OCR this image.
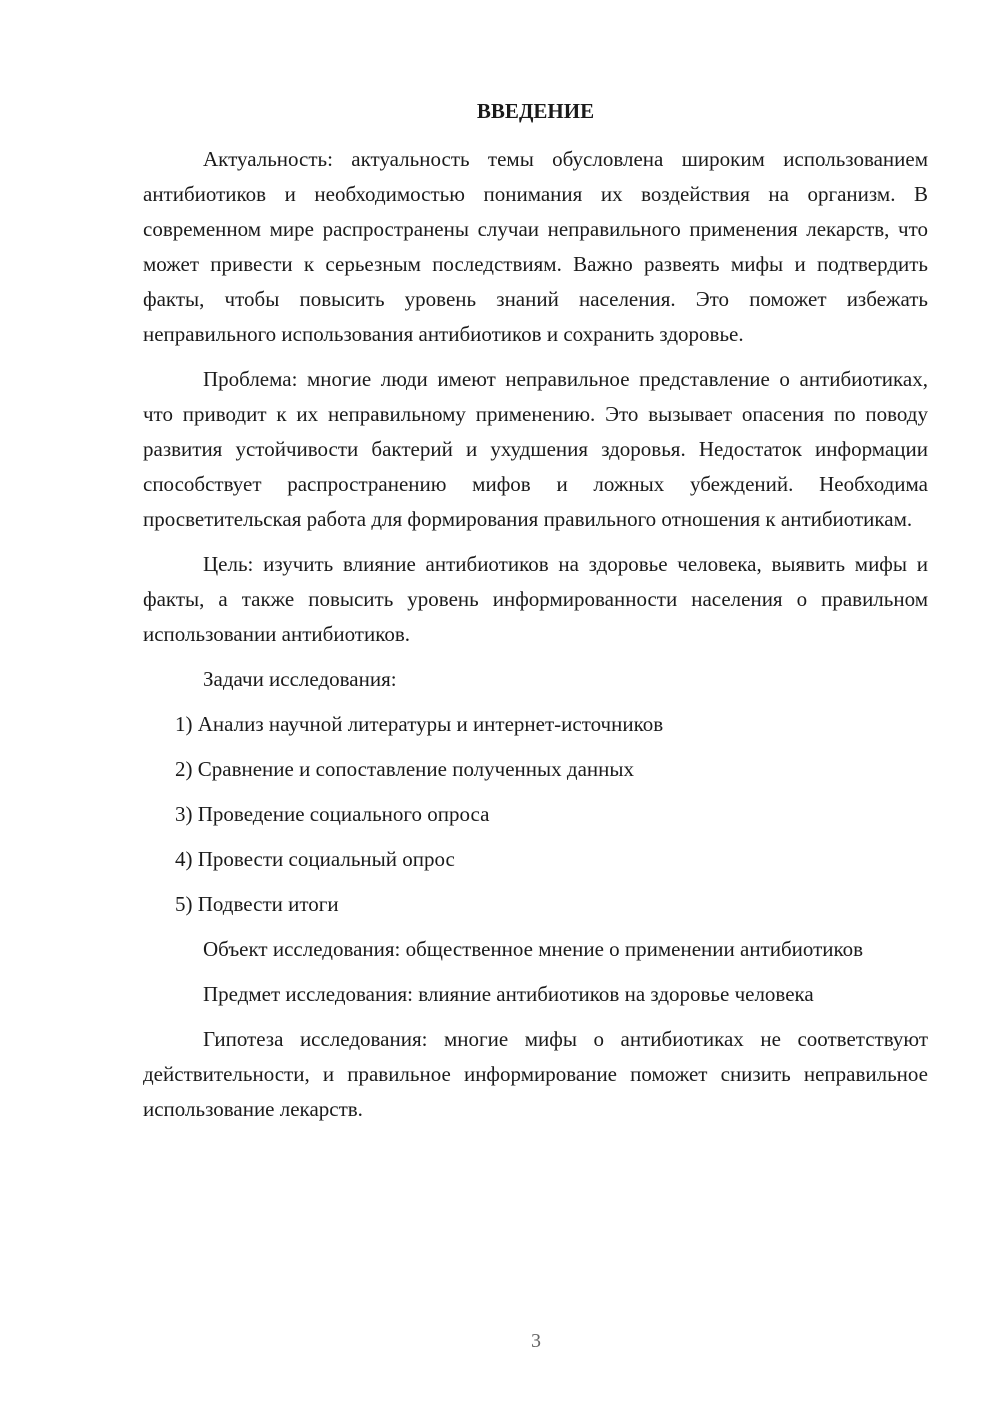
ВВЕДЕНИЕ

Актуальность: актуальность темы обусловлена широким использованием антибиотиков и необходимостью понимания их воздействия на организм. В современном мире распространены случаи неправильного применения лекарств, что может привести к серьезным последствиям. Важно развеять мифы и подтвердить факты, чтобы повысить уровень знаний населения. Это поможет избежать неправильного использования антибиотиков и сохранить здоровье.

Проблема: многие люди имеют неправильное представление о антибиотиках, что приводит к их неправильному применению. Это вызывает опасения по поводу развития устойчивости бактерий и ухудшения здоровья. Недостаток информации способствует распространению мифов и ложных убеждений. Необходима просветительская работа для формирования правильного отношения к антибиотикам.

Цель: изучить влияние антибиотиков на здоровье человека, выявить мифы и факты, а также повысить уровень информированности населения о правильном использовании антибиотиков.

Задачи исследования:

1) Анализ научной литературы и интернет-источников
2) Сравнение и сопоставление полученных данных
3) Проведение социального опроса
4) Провести социальный опрос
5) Подвести итоги

Объект исследования: общественное мнение о применении антибиотиков

Предмет исследования: влияние антибиотиков на здоровье человека

Гипотеза исследования: многие мифы о антибиотиках не соответствуют действительности, и правильное информирование поможет снизить неправильное использование лекарств.

3
